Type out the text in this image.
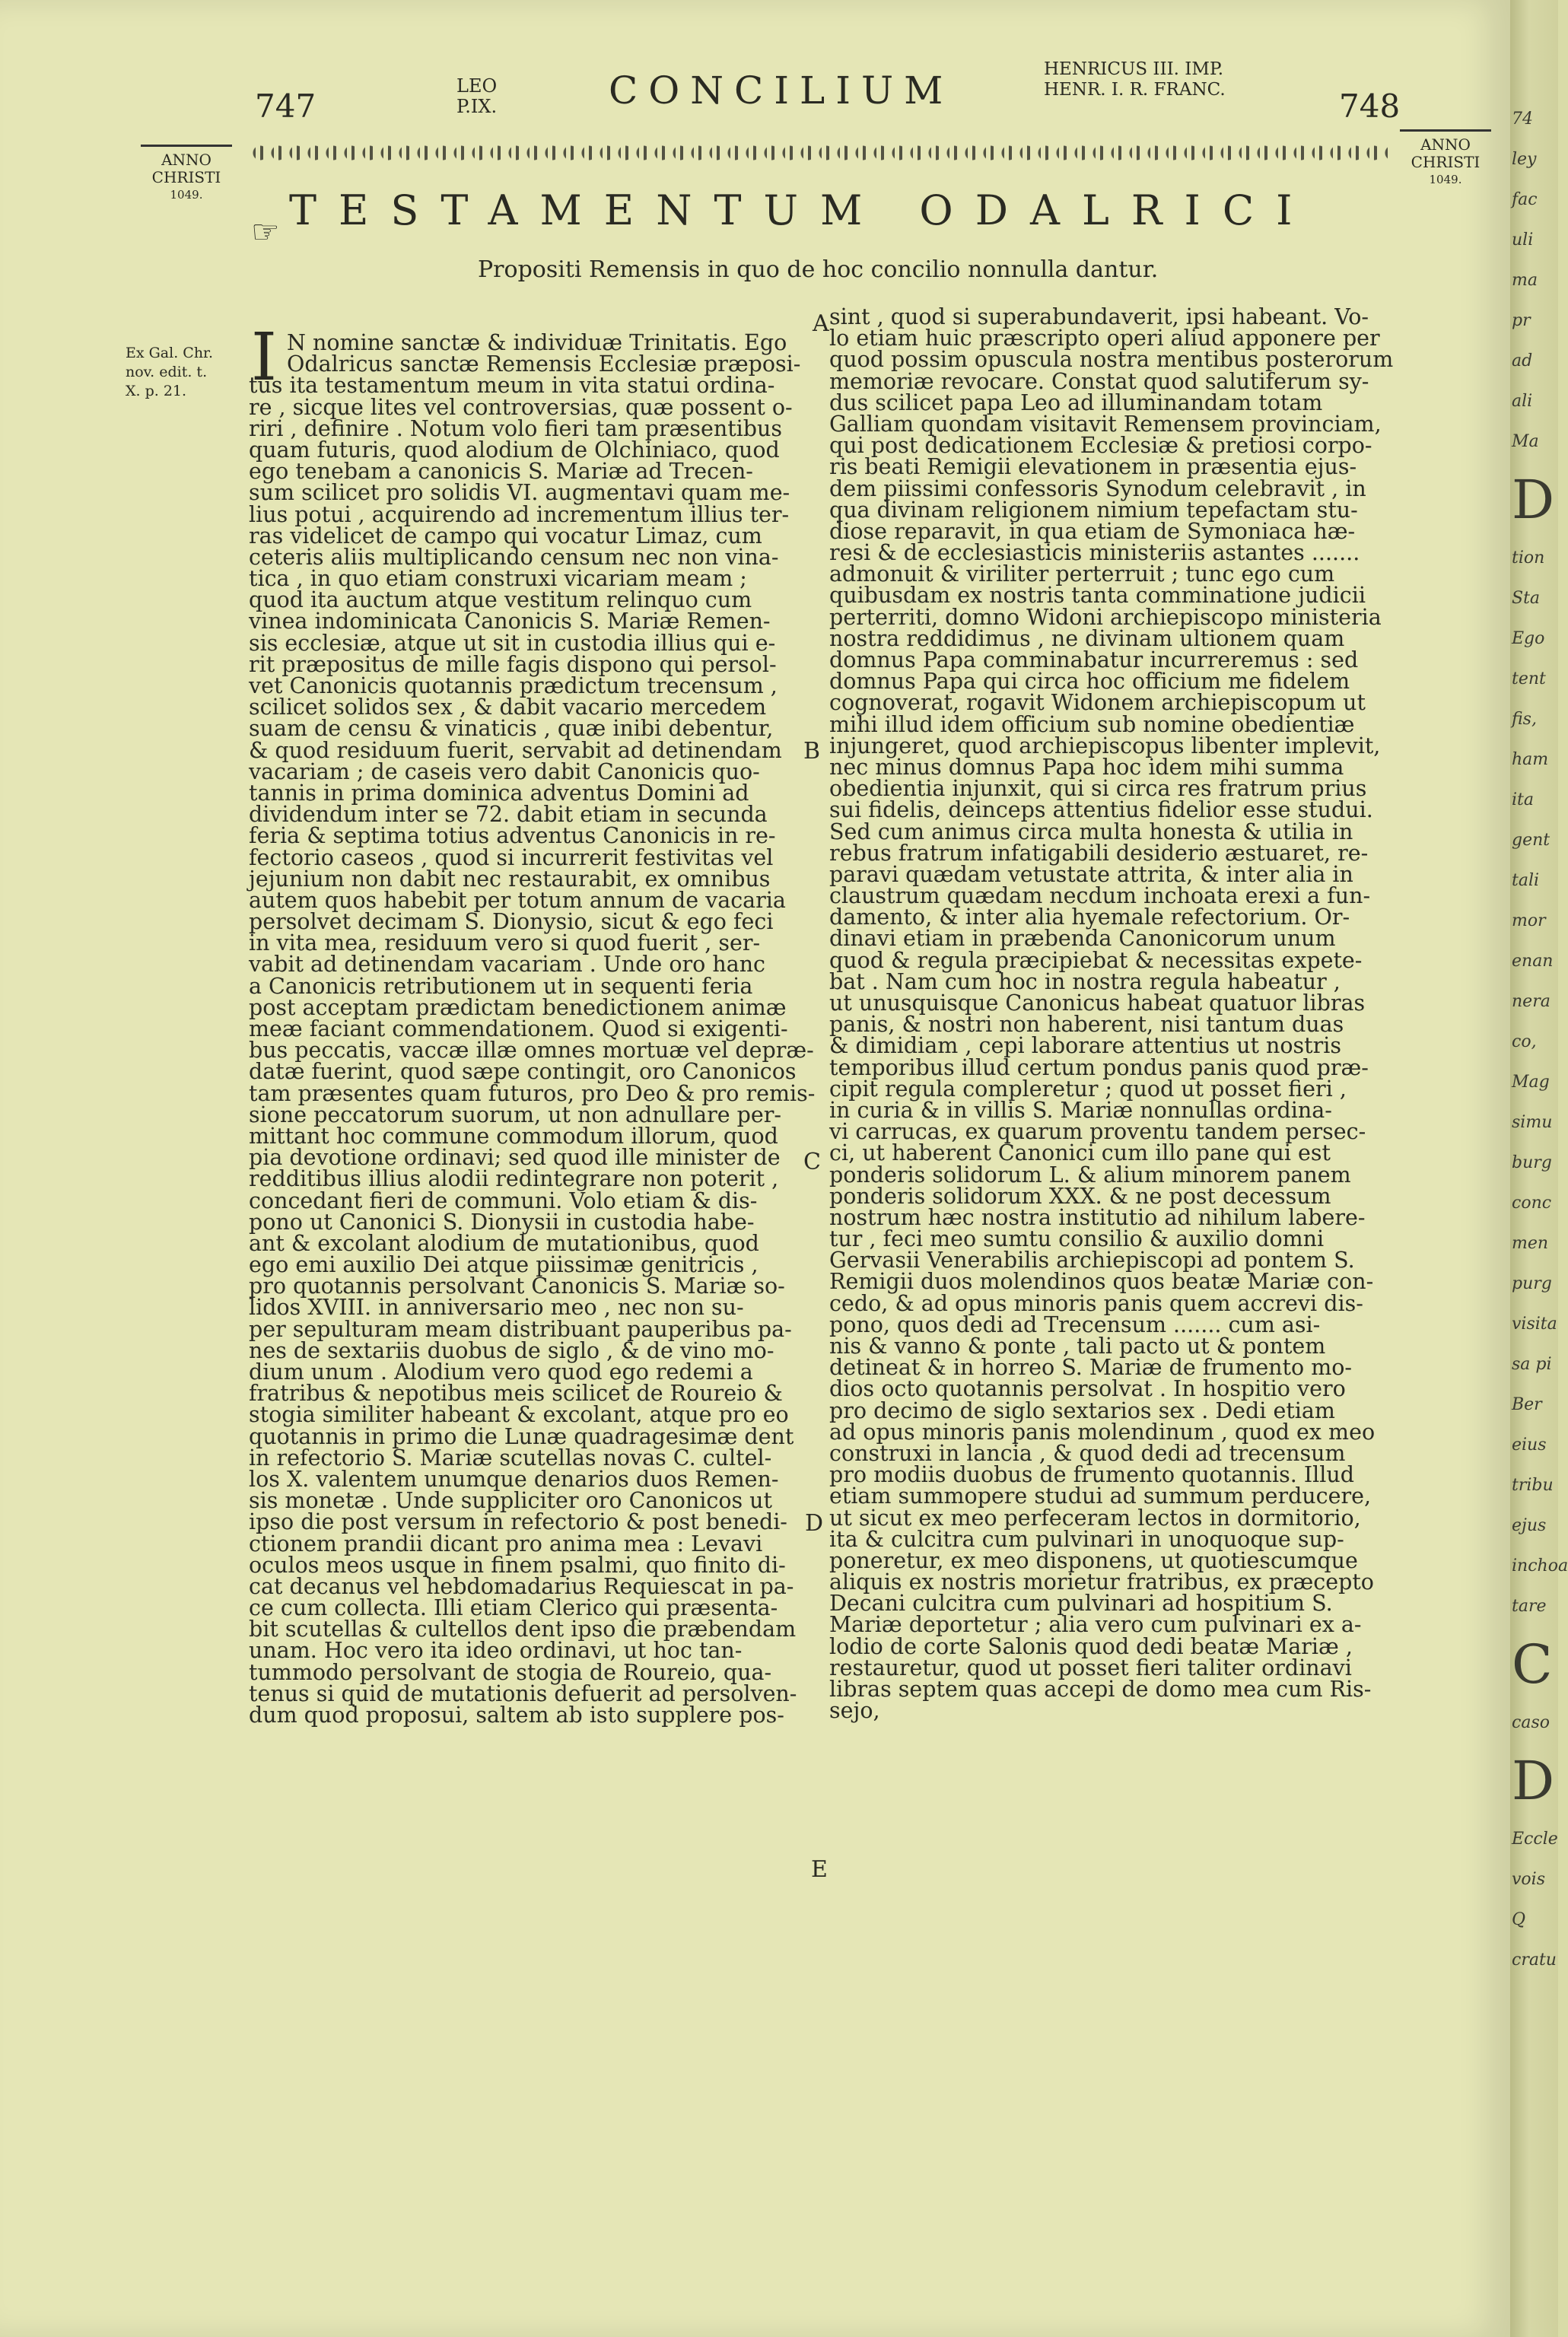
747
LEO
P.IX.	CONCILIUM	HENRICUS III. IMP.
HENR. I. R. FRANC.	748
ANNO
CHRISTI
1049.
ANNO
CHRISTI
1049.
☞ TESTAMENTUM ODALRICI
Propositi Remensis in quo de hoc concilio nonnulla dantur.
Ex Gal. Chr.
nov. edit. t.
X. p. 21. I N nomine sanctæ & individuæ Trinitatis. Ego
Odalricus sanctæ Remensis Ecclesiæ præposi-
tus ita testamentum meum in vita statui ordina-
re , sicque lites vel controversias, quæ possent o-
riri , definire . Notum volo fieri tam præsentibus
quam futuris, quod alodium de Olchiniaco, quod
ego tenebam a canonicis S. Mariæ ad Trecen-
sum scilicet pro solidis VI. augmentavi quam me-
lius potui , acquirendo ad incrementum illius ter-
ras videlicet de campo qui vocatur Limaz, cum
ceteris aliis multiplicando censum nec non vina-
tica , in quo etiam construxi vicariam meam ;
quod ita auctum atque vestitum relinquo cum
vinea indominicata Canonicis S. Mariæ Remen-
sis ecclesiæ, atque ut sit in custodia illius qui e-
rit præpositus de mille fagis dispono qui persol-
vet Canonicis quotannis prædictum trecensum ,
scilicet solidos sex , & dabit vacario mercedem
suam de censu & vinaticis , quæ inibi debentur,
& quod residuum fuerit, servabit ad detinendam
vacariam ; de caseis vero dabit Canonicis quo-
tannis in prima dominica adventus Domini ad
dividendum inter se 72. dabit etiam in secunda
feria & septima totius adventus Canonicis in re-
fectorio caseos , quod si incurrerit festivitas vel
jejunium non dabit nec restaurabit, ex omnibus
autem quos habebit per totum annum de vacaria
persolvet decimam S. Dionysio, sicut & ego feci
in vita mea, residuum vero si quod fuerit , ser-
vabit ad detinendam vacariam . Unde oro hanc
a Canonicis retributionem ut in sequenti feria
post acceptam prædictam benedictionem animæ
meæ faciant commendationem. Quod si exigenti-
bus peccatis, vaccæ illæ omnes mortuæ vel depræ-
datæ fuerint, quod sæpe contingit, oro Canonicos
tam præsentes quam futuros, pro Deo & pro remis-
sione peccatorum suorum, ut non adnullare per-
mittant hoc commune commodum illorum, quod
pia devotione ordinavi; sed quod ille minister de
redditibus illius alodii redintegrare non poterit ,
concedant fieri de communi. Volo etiam & dis-
pono ut Canonici S. Dionysii in custodia habe-
ant & excolant alodium de mutationibus, quod
ego emi auxilio Dei atque piissimæ genitricis ,
pro quotannis persolvant Canonicis S. Mariæ so-
lidos XVIII. in anniversario meo , nec non su-
per sepulturam meam distribuant pauperibus pa-
nes de sextariis duobus de siglo , & de vino mo-
dium unum . Alodium vero quod ego redemi a
fratribus & nepotibus meis scilicet de Roureio &
stogia similiter habeant & excolant, atque pro eo
quotannis in primo die Lunæ quadragesimæ dent
in refectorio S. Mariæ scutellas novas C. cultel-
los X. valentem unumque denarios duos Remen-
sis monetæ . Unde suppliciter oro Canonicos ut
ipso die post versum in refectorio & post benedi-
ctionem prandii dicant pro anima mea : Levavi
oculos meos usque in finem psalmi, quo finito di-
cat decanus vel hebdomadarius Requiescat in pa-
ce cum collecta. Illi etiam Clerico qui præsenta-
bit scutellas & cultellos dent ipso die præbendam
unam. Hoc vero ita ideo ordinavi, ut hoc tan-
tummodo persolvant de stogia de Roureio, qua-
tenus si quid de mutationis defuerit ad persolven-
dum quod proposui, saltem ab isto supplere pos-
sint , quod si superabundaverit, ipsi habeant. Vo-
lo etiam huic præscripto operi aliud apponere per
quod possim opuscula nostra mentibus posterorum
memoriæ revocare. Constat quod salutiferum sy-
dus scilicet papa Leo ad illuminandam totam
Galliam quondam visitavit Remensem provinciam,
qui post dedicationem Ecclesiæ & pretiosi corpo-
ris beati Remigii elevationem in præsentia ejus-
dem piissimi confessoris Synodum celebravit , in
qua divinam religionem nimium tepefactam stu-
diose reparavit, in qua etiam de Symoniaca hæ-
resi & de ecclesiasticis ministeriis astantes .......
admonuit & viriliter perterruit ; tunc ego cum
quibusdam ex nostris tanta comminatione judicii
perterriti, domno Widoni archiepiscopo ministeria
nostra reddidimus , ne divinam ultionem quam
domnus Papa comminabatur incurreremus : sed
domnus Papa qui circa hoc officium me fidelem
cognoverat, rogavit Widonem archiepiscopum ut
mihi illud idem officium sub nomine obedientiæ
injungeret, quod archiepiscopus libenter implevit,
nec minus domnus Papa hoc idem mihi summa
obedientia injunxit, qui si circa res fratrum prius
sui fidelis, deinceps attentius fidelior esse studui.
Sed cum animus circa multa honesta & utilia in
rebus fratrum infatigabili desiderio æstuaret, re-
paravi quædam vetustate attrita, & inter alia in
claustrum quædam necdum inchoata erexi a fun-
damento, & inter alia hyemale refectorium. Or-
dinavi etiam in præbenda Canonicorum unum
quod & regula præcipiebat & necessitas expete-
bat . Nam cum hoc in nostra regula habeatur ,
ut unusquisque Canonicus habeat quatuor libras
panis, & nostri non haberent, nisi tantum duas
& dimidiam , cepi laborare attentius ut nostris
temporibus illud certum pondus panis quod præ-
cipit regula compleretur ; quod ut posset fieri ,
in curia & in villis S. Mariæ nonnullas ordina-
vi carrucas, ex quarum proventu tandem persec-
ci, ut haberent Canonici cum illo pane qui est
ponderis solidorum L. & alium minorem panem
ponderis solidorum XXX. & ne post decessum
nostrum hæc nostra institutio ad nihilum labere-
tur , feci meo sumtu consilio & auxilio domni
Gervasii Venerabilis archiepiscopi ad pontem S.
Remigii duos molendinos quos beatæ Mariæ con-
cedo, & ad opus minoris panis quem accrevi dis-
pono, quos dedi ad Trecensum ....... cum asi-
nis & vanno & ponte , tali pacto ut & pontem
detineat & in horreo S. Mariæ de frumento mo-
dios octo quotannis persolvat . In hospitio vero
pro decimo de siglo sextarios sex . Dedi etiam
ad opus minoris panis molendinum , quod ex meo
construxi in lancia , & quod dedi ad trecensum
pro modiis duobus de frumento quotannis. Illud
etiam summopere studui ad summum perducere,
ut sicut ex meo perfeceram lectos in dormitorio,
ita & culcitra cum pulvinari in unoquoque sup-
poneretur, ex meo disponens, ut quotiescumque
aliquis ex nostris morietur fratribus, ex præcepto
Decani culcitra cum pulvinari ad hospitium S.
Mariæ deportetur ; alia vero cum pulvinari ex a-
lodio de corte Salonis quod dedi beatæ Mariæ ,
restauretur, quod ut posset fieri taliter ordinavi
libras septem quas accepi de domo mea cum Ris-
sejo,
A
B
C
D
E
74
ley
fac
uli
ma
pr
ad
ali
Ma
D
tion
Sta
Ego
tent
fis,
ham
ita
gent
tali
mor
enan
nera
co,
Mag
simu
burg
conc
men
purg
visita
sa pi
Ber
eius
tribu
ejus
inchoa
tare
C
caso
D
Eccle
vois
Q
cratu
